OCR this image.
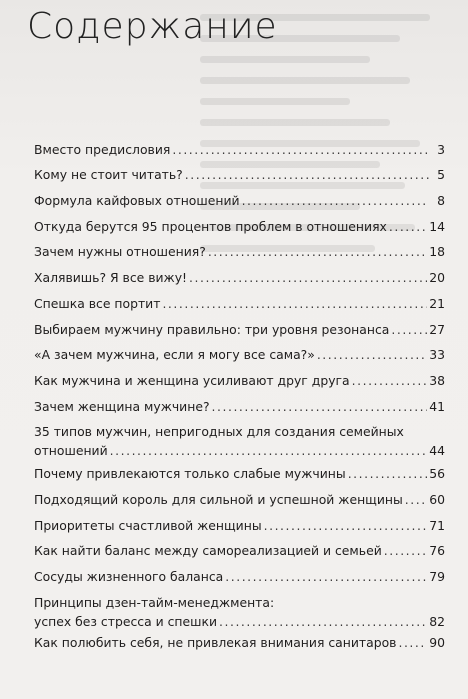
Содержание
Вместо предисловия . . .	3
Кому не стоит читать? . . .	5
Формула кайфовых отношений . . .	8
Откуда берутся 95 процентов проблем в отношениях . . .	14
Зачем нужны отношения? . . .	18
Халявишь? Я все вижу! . . .	20
Спешка все портит . . .	21
Выбираем мужчину правильно: три уровня резонанса . . .	27
«А зачем мужчина, если я могу все сама?» . . .	33
Как мужчина и женщина усиливают друг друга . . .	38
Зачем женщина мужчине? . . .	41
35 типов мужчин, непригодных для создания семейных
отношений . . .	44
Почему привлекаются только слабые мужчины . . .	56
Подходящий король для сильной и успешной женщины . . . 60
Приоритеты счастливой женщины . . .	71
Как найти баланс между самореализацией и семьей . . .	76
Сосуды жизненного баланса . . .	79
Принципы дзен-тайм-менеджмента:
успех без стресса и спешки . . .	82
Как полюбить себя, не привлекая внимания санитаров . . .	90
